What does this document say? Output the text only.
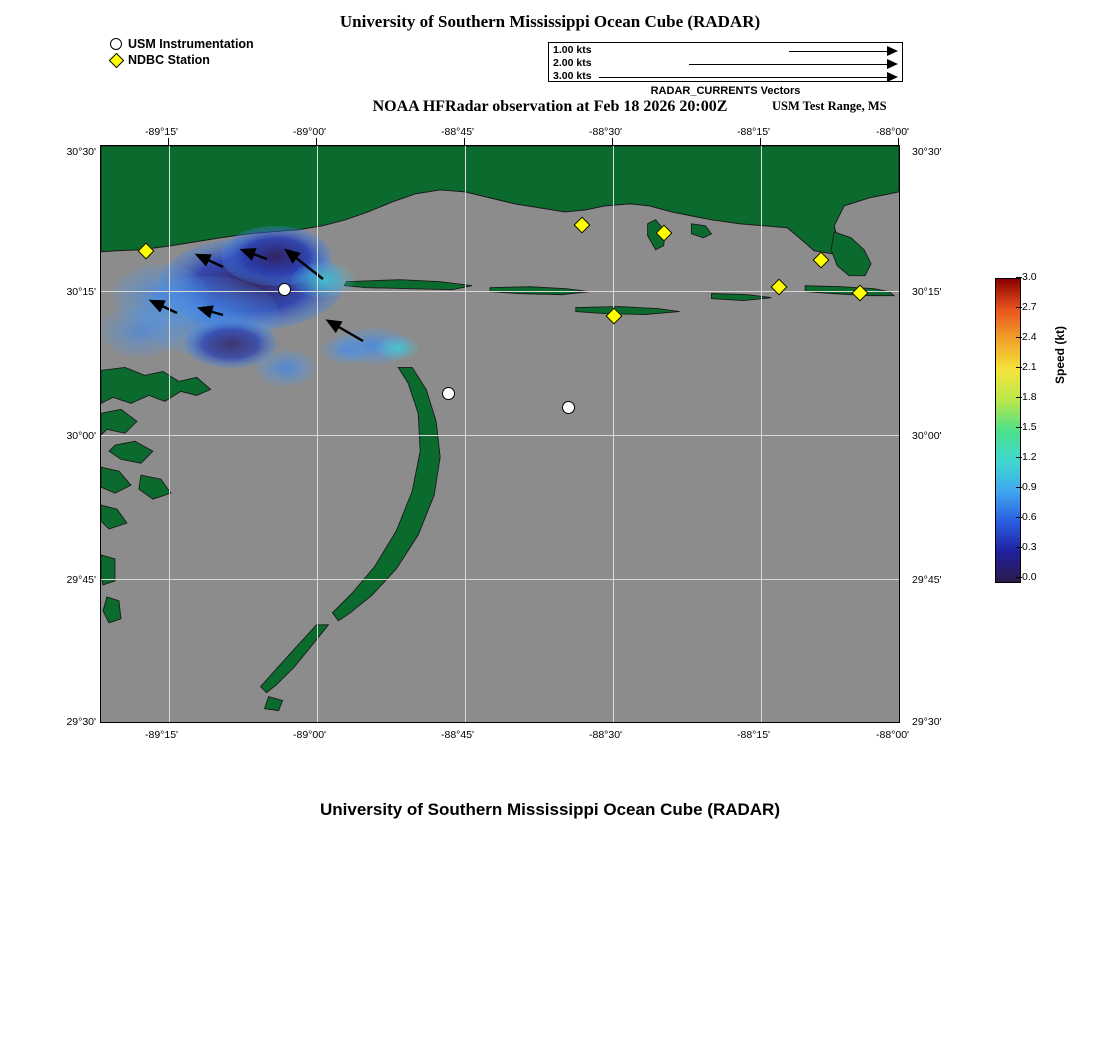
University of Southern Mississippi Ocean Cube (RADAR)
NOAA HFRadar observation at Feb 18 2026 20:00Z	USM Test Range, MS
University of Southern Mississippi Ocean Cube (RADAR)
USM Instrumentation
NDBC Station
1.00 kts
2.00 kts
3.00 kts
RADAR_CURRENTS Vectors
-89°15'	-89°00'	-88°45'	-88°30'	-88°15'	-88°00'
-89°15'	-89°00'	-88°45'	-88°30'	-88°15'	-88°00'
30°30'
30°15'
30°00'
29°45'
29°30'
30°30'
30°15'
30°00'
29°45'
29°30'
3.0
2.7
2.4
2.1
1.8
1.5
1.2
0.9
0.6
0.3
0.0
Speed (kt)
